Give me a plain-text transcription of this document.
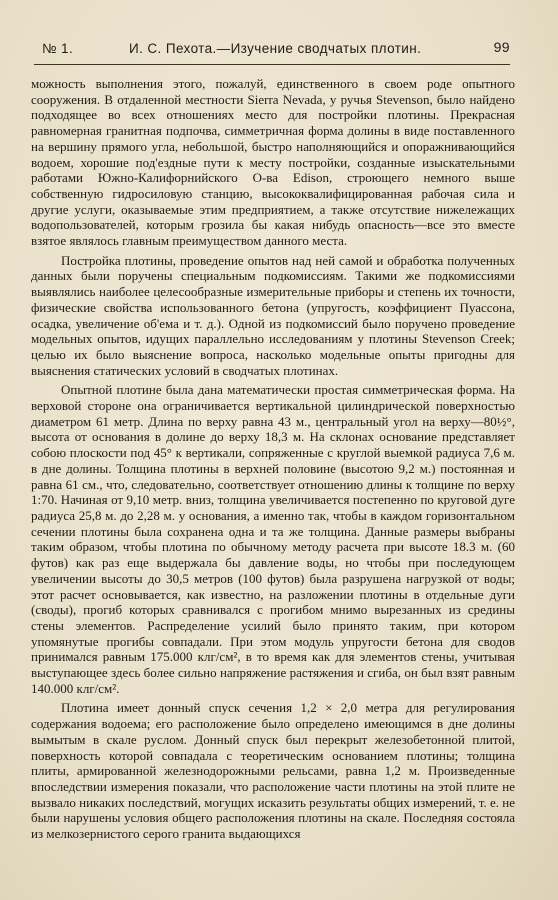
№ 1.	И. С. Пехота.—Изучение сводчатых плотин.	99

можность выполнения этого, пожалуй, единственного в своем роде опытного сооружения. В отдаленной местности Sierra Nevada, у ручья Stevenson, было найдено подходящее во всех отношениях место для постройки плотины. Прекрасная равномерная гранитная подпочва, симметричная форма долины в виде поставленного на вершину прямого угла, небольшой, быстро наполняющийся и опоражнивающийся водоем, хорошие под'ездные пути к месту постройки, созданные изыскательными работами Южно-Калифорнийского О-ва Edison, строющего немного выше собственную гидросиловую станцию, высококвалифицированная рабочая сила и другие услуги, оказываемые этим предприятием, а также отсутствие нижележащих водопользователей, которым грозила бы какая нибудь опасность—все это вместе взятое являлось главным преимуществом данного места.

Постройка плотины, проведение опытов над ней самой и обработка полученных данных были поручены специальным подкомиссиям. Такими же подкомиссиями выявлялись наиболее целесообразные измерительные приборы и степень их точности, физические свойства использованного бетона (упругость, коэффициент Пуассона, осадка, увеличение об'ема и т. д.). Одной из подкомиссий было поручено проведение модельных опытов, идущих параллельно исследованиям у плотины Stevenson Creek; целью их было выяснение вопроса, насколько модельные опыты пригодны для выяснения статических условий в сводчатых плотинах.

Опытной плотине была дана математически простая симметрическая форма. На верховой стороне она ограничивается вертикальной цилиндрической поверхностью диаметром 61 метр. Длина по верху равна 43 м., центральный угол на верху—80½°, высота от основания в долине до верху 18,3 м. На склонах основание представляет собою плоскости под 45° к вертикали, сопряженные с круглой выемкой радиуса 7,6 м. в дне долины. Толщина плотины в верхней половине (высотою 9,2 м.) постоянная и равна 61 см., что, следовательно, соответствует отношению длины к толщине по верху 1:70. Начиная от 9,10 метр. вниз, толщина увеличивается постепенно по круговой дуге радиуса 25,8 м. до 2,28 м. у основания, а именно так, чтобы в каждом горизонтальном сечении плотины была сохранена одна и та же толщина. Данные размеры выбраны таким образом, чтобы плотина по обычному методу расчета при высоте 18.3 м. (60 футов) как раз еще выдержала бы давление воды, но чтобы при последующем увеличении высоты до 30,5 метров (100 футов) была разрушена нагрузкой от воды; этот расчет основывается, как известно, на разложении плотины в отдельные дуги (своды), прогиб которых сравнивался с прогибом мнимо вырезанных из средины стены элементов. Распределение усилий было принято таким, при котором упомянутые прогибы совпадали. При этом модуль упругости бетона для сводов принимался равным 175.000 клг/см², в то время как для элементов стены, учитывая выступающее здесь более сильно напряжение растяжения и сгиба, он был взят равным 140.000 клг/см².

Плотина имеет донный спуск сечения 1,2 × 2,0 метра для регулирования содержания водоема; его расположение было определено имеющимся в дне долины вымытым в скале руслом. Донный спуск был перекрыт железобетонной плитой, поверхность которой совпадала с теоретическим основанием плотины; толщина плиты, армированной железнодорожными рельсами, равна 1,2 м. Произведенные впоследствии измерения показали, что расположение части плотины на этой плите не вызвало никаких последствий, могущих исказить результаты общих измерений, т. е. не были нарушены условия общего расположения плотины на скале. Последняя состояла из мелкозернистого серого гранита выдающихся
